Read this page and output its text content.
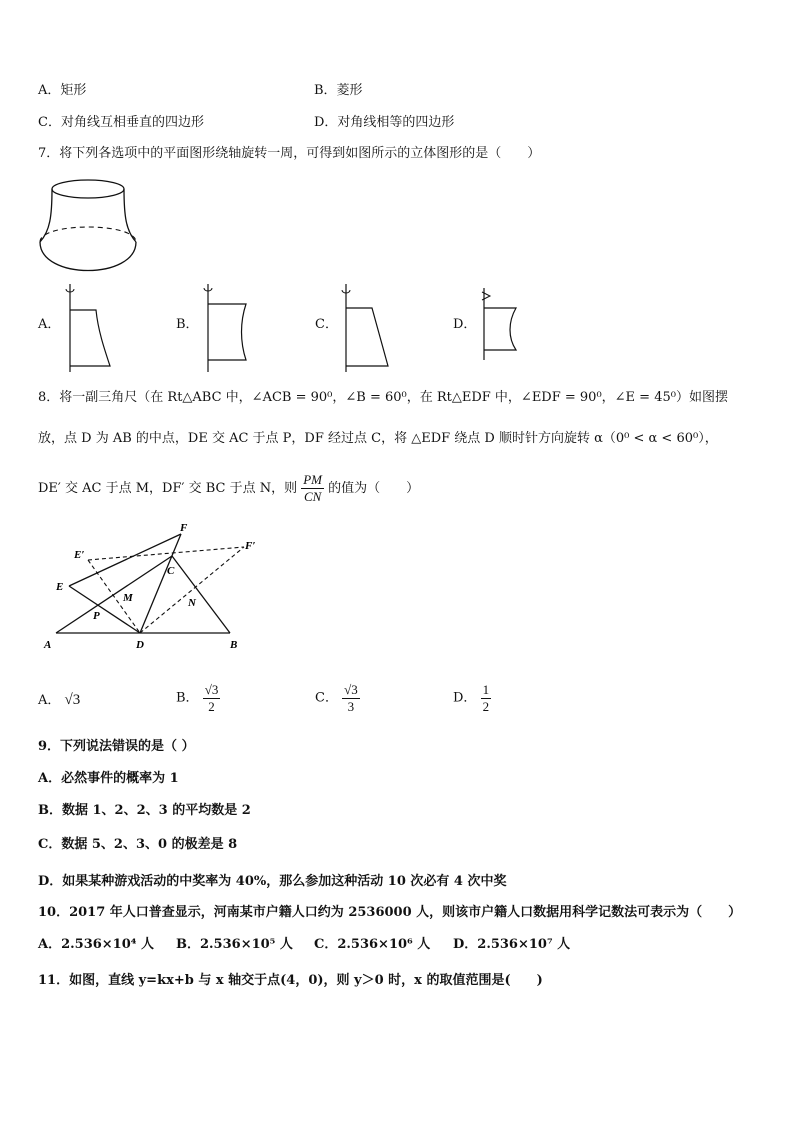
A．矩形	B．菱形
C．对角线互相垂直的四边形	D．对角线相等的四边形
7．将下列各选项中的平面图形绕轴旋转一周，可得到如图所示的立体图形的是（　　）
A．	B．	C．	D．
8．将一副三角尺（在 Rt△ABC 中，∠ACB = 90⁰，∠B = 60⁰，在 Rt△EDF 中，∠EDF = 90⁰，∠E = 45⁰）如图摆
放，点 D 为 AB 的中点，DE 交 AC 于点 P，DF 经过点 C，将 △EDF 绕点 D 顺时针方向旋转 α（0⁰ < α < 60⁰），
DE′ 交 AC 于点 M，DF′ 交 BC 于点 N，则 $\frac{PM}{CN}$ 的值为（　　）
F
E′
F′
C
E
M
P
N
A	D	B
A． √3	B． $\frac{√3}{2}$	C． $\frac{√3}{3}$	D． $\frac{1}{2}$
9．下列说法错误的是（ ）
A．必然事件的概率为 1
B．数据 1、2、2、3 的平均数是 2
C．数据 5、2、3、0 的极差是 8
D．如果某种游戏活动的中奖率为 40%，那么参加这种活动 10 次必有 4 次中奖
10．2017 年人口普查显示，河南某市户籍人口约为 2536000 人，则该市户籍人口数据用科学记数法可表示为（　　）
A．2.536×10⁴ 人 B．2.536×10⁵ 人 C．2.536×10⁶ 人 D．2.536×10⁷ 人
11．如图，直线 y=kx+b 与 x 轴交于点(4，0)，则 y＞0 时，x 的取值范围是(　　)
